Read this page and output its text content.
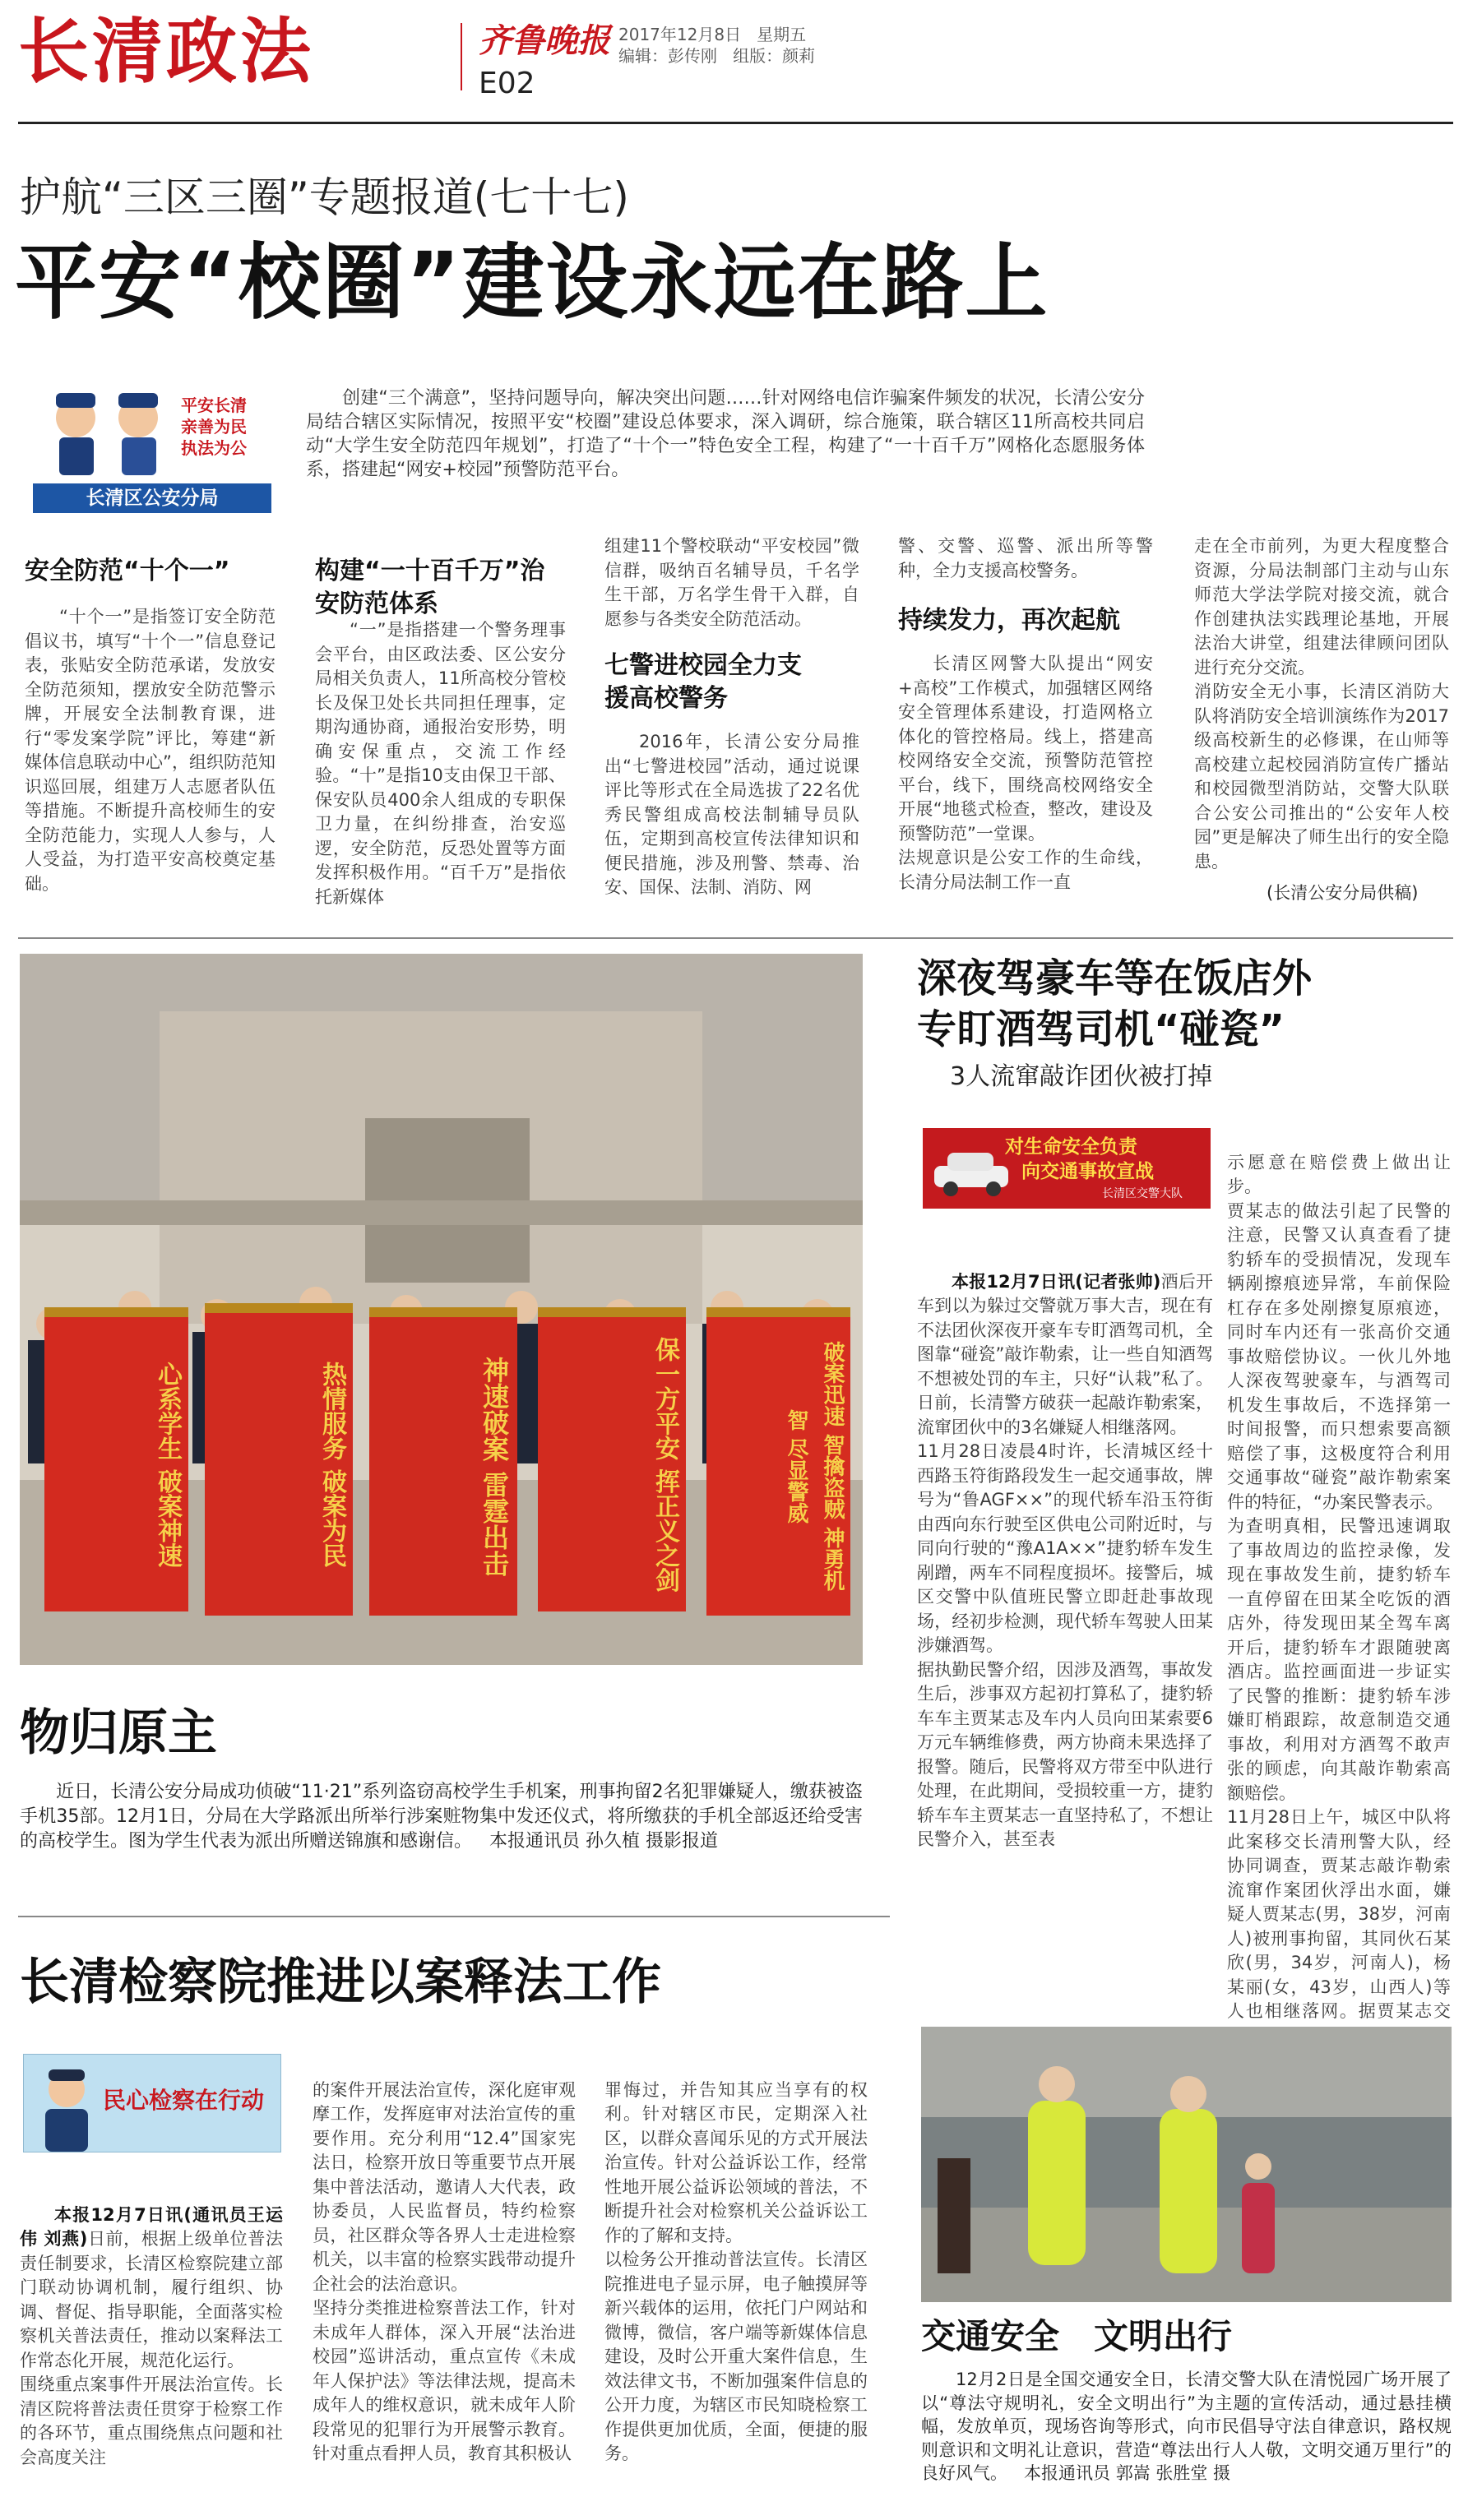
长清政法	齐鲁晚报 2017年12月8日 星期五
编辑：彭传刚 组版：颜莉
E02
护航“三区三圈”专题报道(七十七)
平安“校圈”建设永远在路上
平安长清
亲善为民
执法为公
长清区公安分局
创建“三个满意”，坚持问题导向，解决突出问题……针对网络电信诈骗案件频发的状况，长清公安分局结合辖区实际情况，按照平安“校圈”建设总体要求，深入调研，综合施策，联合辖区11所高校共同启动“大学生安全防范四年规划”，打造了“十个一”特色安全工程，构建了“一十百千万”网格化态愿服务体系，搭建起“网安+校园”预警防范平台。
安全防范“十个一”

“十个一”是指签订安全防范倡议书，填写“十个一”信息登记表，张贴安全防范承诺，发放安全防范须知，摆放安全防范警示牌，开展安全法制教育课，进行“零发案学院”评比，筹建“新媒体信息联动中心”，组织防范知识巡回展，组建万人志愿者队伍等措施。不断提升高校师生的安全防范能力，实现人人参与，人人受益，为打造平安高校奠定基础。

构建“一十百千万”治安防范体系

“一”是指搭建一个警务理事会平台，由区政法委、区公安分局相关负责人，11所高校分管校长及保卫处长共同担任理事，定期沟通协商，通报治安形势，明确安保重点，交流工作经验。“十”是指10支由保卫干部、保安队员400余人组成的专职保卫力量，在纠纷排查，治安巡逻，安全防范，反恐处置等方面发挥积极作用。“百千万”是指依托新媒体

组建11个警校联动“平安校园”微信群，吸纳百名辅导员，千名学生干部，万名学生骨干入群，自愿参与各类安全防范活动。

七警进校园全力支援高校警务

2016年，长清公安分局推出“七警进校园”活动，通过说课评比等形式在全局选拔了22名优秀民警组成高校法制辅导员队伍，定期到高校宣传法律知识和便民措施，涉及刑警、禁毒、治安、国保、法制、消防、网

警、交警、巡警、派出所等警种，全力支援高校警务。

持续发力，再次起航

长清区网警大队提出“网安+高校”工作模式，加强辖区网络安全管理体系建设，打造网格立体化的管控格局。线上，搭建高校网络安全交流，预警防范管控平台，线下，围绕高校网络安全开展“地毯式检查，整改，建设及预警防范”一堂课。
法规意识是公安工作的生命线，长清分局法制工作一直

走在全市前列，为更大程度整合资源，分局法制部门主动与山东师范大学法学院对接交流，就合作创建执法实践理论基地，开展法治大讲堂，组建法律顾问团队进行充分交流。
消防安全无小事，长清区消防大队将消防安全培训演练作为2017级高校新生的必修课，在山师等高校建立起校园消防宣传广播站和校园微型消防站，交警大队联合公安公司推出的“公安年人校园”更是解决了师生出行的安全隐患。

(长清公安分局供稿)
心系学生 破案神速	热情服务 破案为民	神速破案 雷霆出击	保一方平安 挥正义之剑	破案迅速 智擒盗贼 神勇机智 尽显警威
物归原主
近日，长清公安分局成功侦破“11·21”系列盗窃高校学生手机案，刑事拘留2名犯罪嫌疑人，缴获被盗手机35部。12月1日，分局在大学路派出所举行涉案赃物集中发还仪式，将所缴获的手机全部返还给受害的高校学生。图为学生代表为派出所赠送锦旗和感谢信。 本报通讯员 孙久植 摄影报道
深夜驾豪车等在饭店外
专盯酒驾司机“碰瓷”
3人流窜敲诈团伙被打掉
对生命安全负责
向交通事故宣战
长清区交警大队

本报12月7日讯(记者张帅)酒后开车到以为躲过交警就万事大吉，现在有不法团伙深夜开豪车专盯酒驾司机，全图靠“碰瓷”敲诈勒索，让一些自知酒驾不想被处罚的车主，只好“认栽”私了。日前，长清警方破获一起敲诈勒索案，流窜团伙中的3名嫌疑人相继落网。
11月28日凌晨4时许，长清城区经十西路玉符街路段发生一起交通事故，牌号为“鲁AGF××”的现代轿车沿玉符街由西向东行驶至区供电公司附近时，与同向行驶的“豫A1A××”捷豹轿车发生剐蹭，两车不同程度损坏。接警后，城区交警中队值班民警立即赶赴事故现场，经初步检测，现代轿车驾驶人田某涉嫌酒驾。
据执勤民警介绍，因涉及酒驾，事故发生后，涉事双方起初打算私了，捷豹轿车车主贾某志及车内人员向田某索要6万元车辆维修费，两方协商未果选择了报警。随后，民警将双方带至中队进行处理，在此期间，受损较重一方，捷豹轿车车主贾某志一直坚持私了，不想让民警介入，甚至表

示愿意在赔偿费上做出让步。
贾某志的做法引起了民警的注意，民警又认真查看了捷豹轿车的受损情况，发现车辆剐擦痕迹异常，车前保险杠存在多处剐擦复原痕迹，同时车内还有一张高价交通事故赔偿协议。一伙儿外地人深夜驾驶豪车，与酒驾司机发生事故后，不选择第一时间报警，而只想索要高额赔偿了事，这极度符合利用交通事故“碰瓷”敲诈勒索案件的特征，“办案民警表示。
为查明真相，民警迅速调取了事故周边的监控录像，发现在事故发生前，捷豹轿车一直停留在田某全吃饭的酒店外，待发现田某全驾车离开后，捷豹轿车才跟随驶离酒店。监控画面进一步证实了民警的推断：捷豹轿车涉嫌盯梢跟踪，故意制造交通事故，利用对方酒驾不敢声张的顾虑，向其敲诈勒索高额赔偿。
11月28日上午，城区中队将此案移交长清刑警大队，经协同调查，贾某志敲诈勒索流窜作案团伙浮出水面，嫌疑人贾某志(男，38岁，河南人)被刑事拘留，其同伙石某欣(男，34岁，河南人)，杨某丽(女，43岁，山西人)等人也相继落网。据贾某志交

长清检察院推进以案释法工作
民心检察在行动

本报12月7日讯(通讯员王运伟 刘燕)日前，根据上级单位普法责任制要求，长清区检察院建立部门联动协调机制，履行组织、协调、督促、指导职能，全面落实检察机关普法责任，推动以案释法工作常态化开展，规范化运行。
围绕重点案事件开展法治宣传。长清区院将普法责任贯穿于检察工作的各环节，重点围绕焦点问题和社会高度关注

的案件开展法治宣传，深化庭审观摩工作，发挥庭审对法治宣传的重要作用。充分利用“12.4”国家宪法日，检察开放日等重要节点开展集中普法活动，邀请人大代表，政协委员，人民监督员，特约检察员，社区群众等各界人士走进检察机关，以丰富的检察实践带动提升企社会的法治意识。
坚持分类推进检察普法工作，针对未成年人群体，深入开展“法治进校园”巡讲活动，重点宣传《未成年人保护法》等法律法规，提高未成年人的维权意识，就未成年人阶段常见的犯罪行为开展警示教育。针对重点看押人员，教育其积极认

罪悔过，并告知其应当享有的权利。针对辖区市民，定期深入社区，以群众喜闻乐见的方式开展法治宣传。针对公益诉讼工作，经常性地开展公益诉讼领域的普法，不断提升社会对检察机关公益诉讼工作的了解和支持。
以检务公开推动普法宣传。长清区院推进电子显示屏，电子触摸屏等新兴载体的运用，依托门户网站和微博，微信，客户端等新媒体信息建设，及时公开重大案件信息，生效法律文书，不断加强案件信息的公开力度，为辖区市民知晓检察工作提供更加优质，全面，便捷的服务。

交通安全　文明出行
12月2日是全国交通安全日，长清交警大队在清悦园广场开展了以“尊法守规明礼，安全文明出行”为主题的宣传活动，通过悬挂横幅，发放单页，现场咨询等形式，向市民倡导守法自律意识，路权规则意识和文明礼让意识，营造“尊法出行人人敬，文明交通万里行”的良好风气。 本报通讯员 郭嵩 张胜堂 摄
